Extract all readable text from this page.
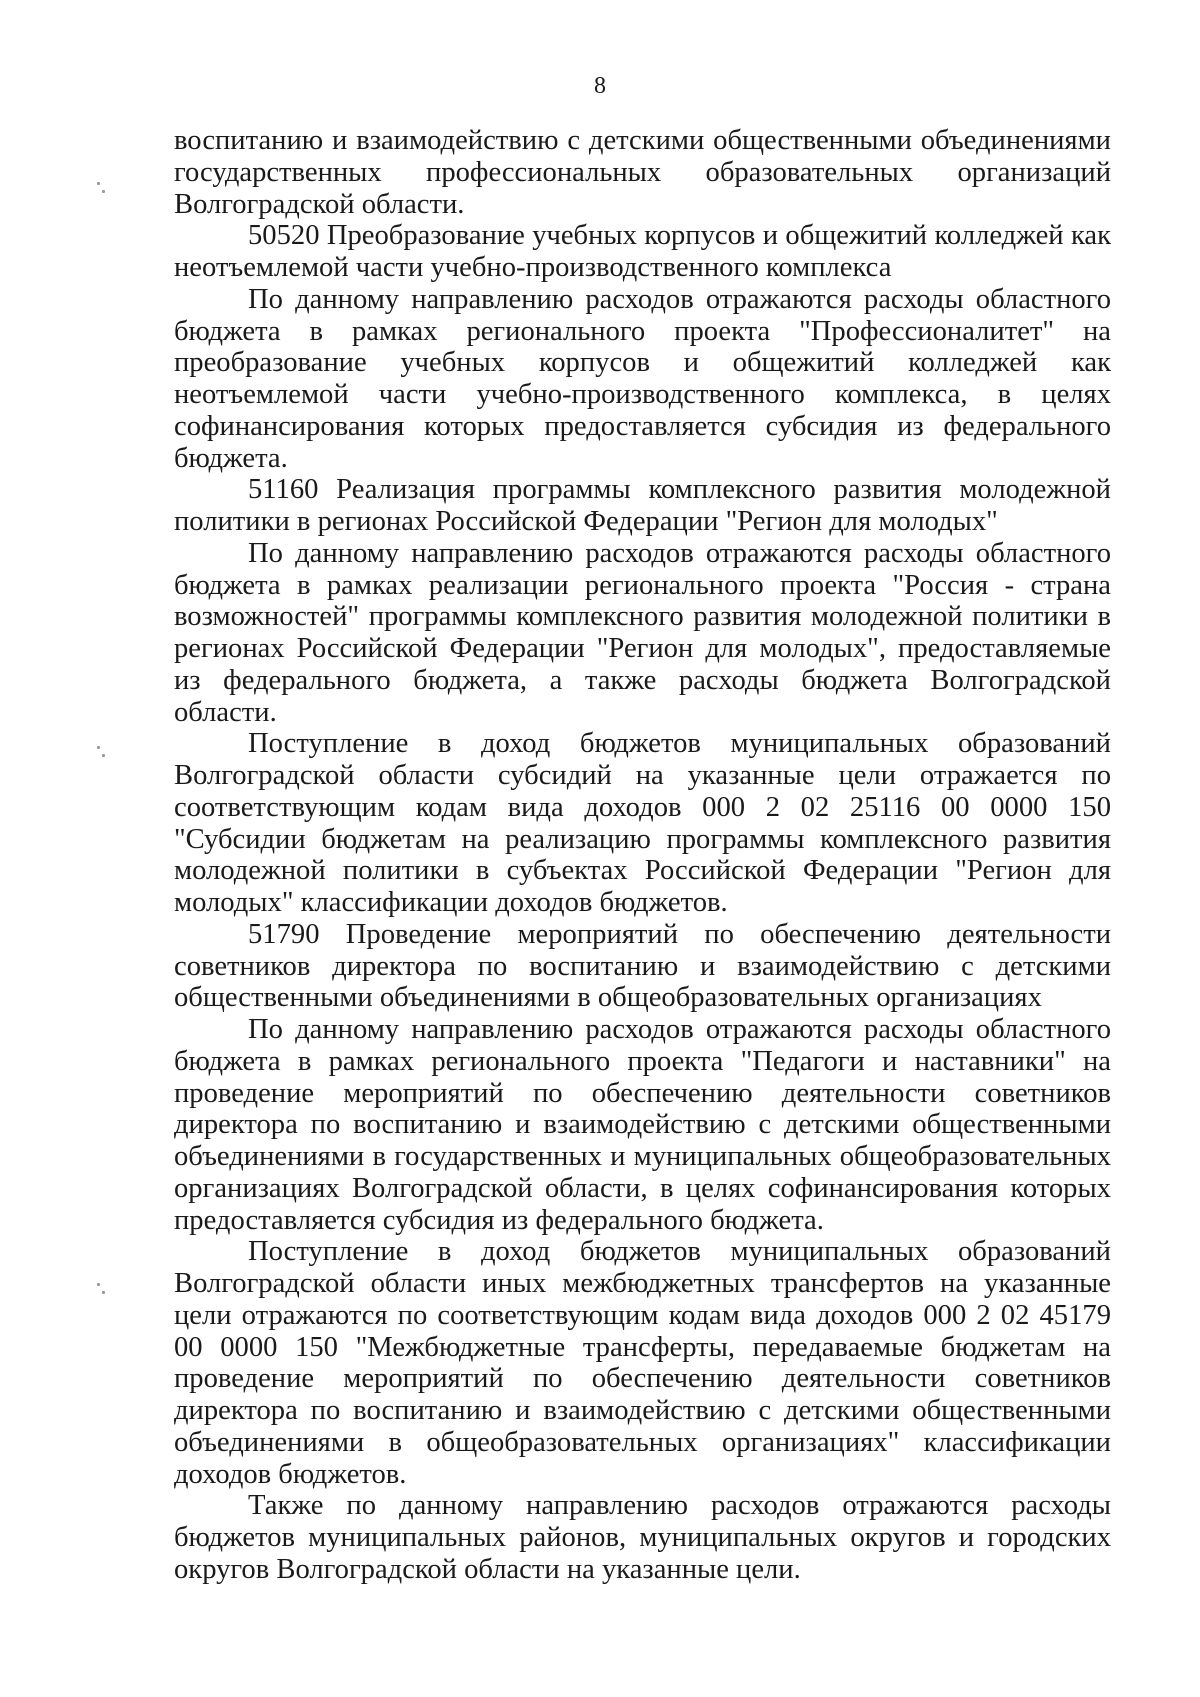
8

воспитанию и взаимодействию с детскими общественными объединениями государственных профессиональных образовательных организаций Волгоградской области.

50520 Преобразование учебных корпусов и общежитий колледжей как неотъемлемой части учебно-производственного комплекса

По данному направлению расходов отражаются расходы областного бюджета в рамках регионального проекта "Профессионалитет" на преобразование учебных корпусов и общежитий колледжей как неотъемлемой части учебно-производственного комплекса, в целях софинансирования которых предоставляется субсидия из федерального бюджета.

51160 Реализация программы комплексного развития молодежной политики в регионах Российской Федерации "Регион для молодых"

По данному направлению расходов отражаются расходы областного бюджета в рамках реализации регионального проекта "Россия - страна возможностей" программы комплексного развития молодежной политики в регионах Российской Федерации "Регион для молодых", предоставляемые из федерального бюджета, а также расходы бюджета Волгоградской области.

Поступление в доход бюджетов муниципальных образований Волгоградской области субсидий на указанные цели отражается по соответствующим кодам вида доходов 000 2 02 25116 00 0000 150 "Субсидии бюджетам на реализацию программы комплексного развития молодежной политики в субъектах Российской Федерации "Регион для молодых" классификации доходов бюджетов.

51790 Проведение мероприятий по обеспечению деятельности советников директора по воспитанию и взаимодействию с детскими общественными объединениями в общеобразовательных организациях

По данному направлению расходов отражаются расходы областного бюджета в рамках регионального проекта "Педагоги и наставники" на проведение мероприятий по обеспечению деятельности советников директора по воспитанию и взаимодействию с детскими общественными объединениями в государственных и муниципальных общеобразовательных организациях Волгоградской области, в целях софинансирования которых предоставляется субсидия из федерального бюджета.

Поступление в доход бюджетов муниципальных образований Волгоградской области иных межбюджетных трансфертов на указанные цели отражаются по соответствующим кодам вида доходов 000 2 02 45179 00 0000 150 "Межбюджетные трансферты, передаваемые бюджетам на проведение мероприятий по обеспечению деятельности советников директора по воспитанию и взаимодействию с детскими общественными объединениями в общеобразовательных организациях" классификации доходов бюджетов.

Также по данному направлению расходов отражаются расходы бюджетов муниципальных районов, муниципальных округов и городских округов Волгоградской области на указанные цели.
